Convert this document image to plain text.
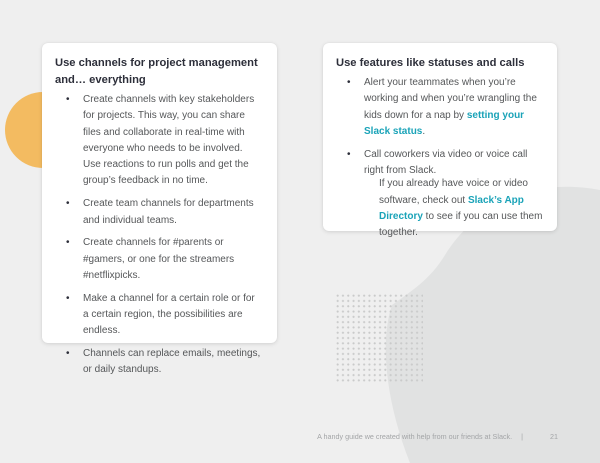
Use channels for project management and… everything
• Create channels with key stakeholders for projects. This way, you can share files and collaborate in real-time with everyone who needs to be involved. Use reactions to run polls and get the group’s feedback in no time.
• Create team channels for departments and individual teams.
• Create channels for #parents or #gamers, or one for the streamers #netflixpicks.
• Make a channel for a certain role or for a certain region, the possibilities are endless.
• Channels can replace emails, meetings, or daily standups.
Use features like statuses and calls
• Alert your teammates when you’re working and when you’re wrangling the kids down for a nap by setting your Slack status.
• Call coworkers via video or voice call right from Slack.

If you already have voice or video software, check out Slack’s App Directory to see if you can use them together.

A handy guide we created with help from our friends at Slack. |	21
